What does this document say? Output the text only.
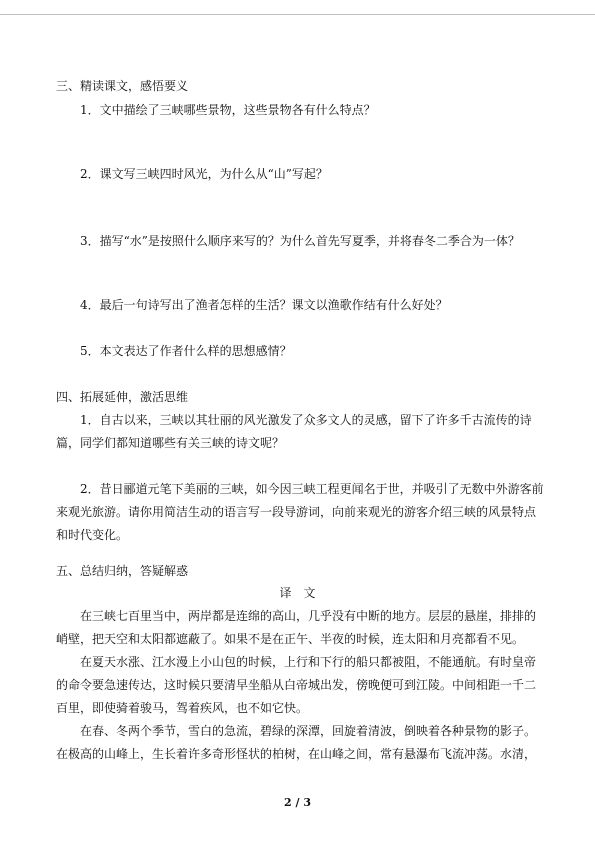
三、精读课文，感悟要义
1．文中描绘了三峡哪些景物，这些景物各有什么特点？
2．课文写三峡四时风光，为什么从“山”写起？
3．描写“水”是按照什么顺序来写的？为什么首先写夏季，并将春冬二季合为一体？
4．最后一句诗写出了渔者怎样的生活？课文以渔歌作结有什么好处？
5．本文表达了作者什么样的思想感情？
四、拓展延伸，激活思维
1．自古以来，三峡以其壮丽的风光激发了众多文人的灵感，留下了许多千古流传的诗
篇，同学们都知道哪些有关三峡的诗文呢？
2．昔日郦道元笔下美丽的三峡，如今因三峡工程更闻名于世，并吸引了无数中外游客前
来观光旅游。请你用简洁生动的语言写一段导游词，向前来观光的游客介绍三峡的风景特点
和时代变化。
五、总结归纳，答疑解惑
译　文
在三峡七百里当中，两岸都是连绵的高山，几乎没有中断的地方。层层的悬崖，排排的
峭壁，把天空和太阳都遮蔽了。如果不是在正午、半夜的时候，连太阳和月亮都看不见。
在夏天水涨、江水漫上小山包的时候，上行和下行的船只都被阻，不能通航。有时皇帝
的命令要急速传达，这时候只要清早坐船从白帝城出发，傍晚便可到江陵。中间相距一千二
百里，即使骑着骏马，驾着疾风，也不如它快。
在春、冬两个季节，雪白的急流，碧绿的深潭，回旋着清波，倒映着各种景物的影子。
在极高的山峰上，生长着许多奇形怪状的柏树，在山峰之间，常有悬瀑布飞流冲荡。水清，
2 / 3
